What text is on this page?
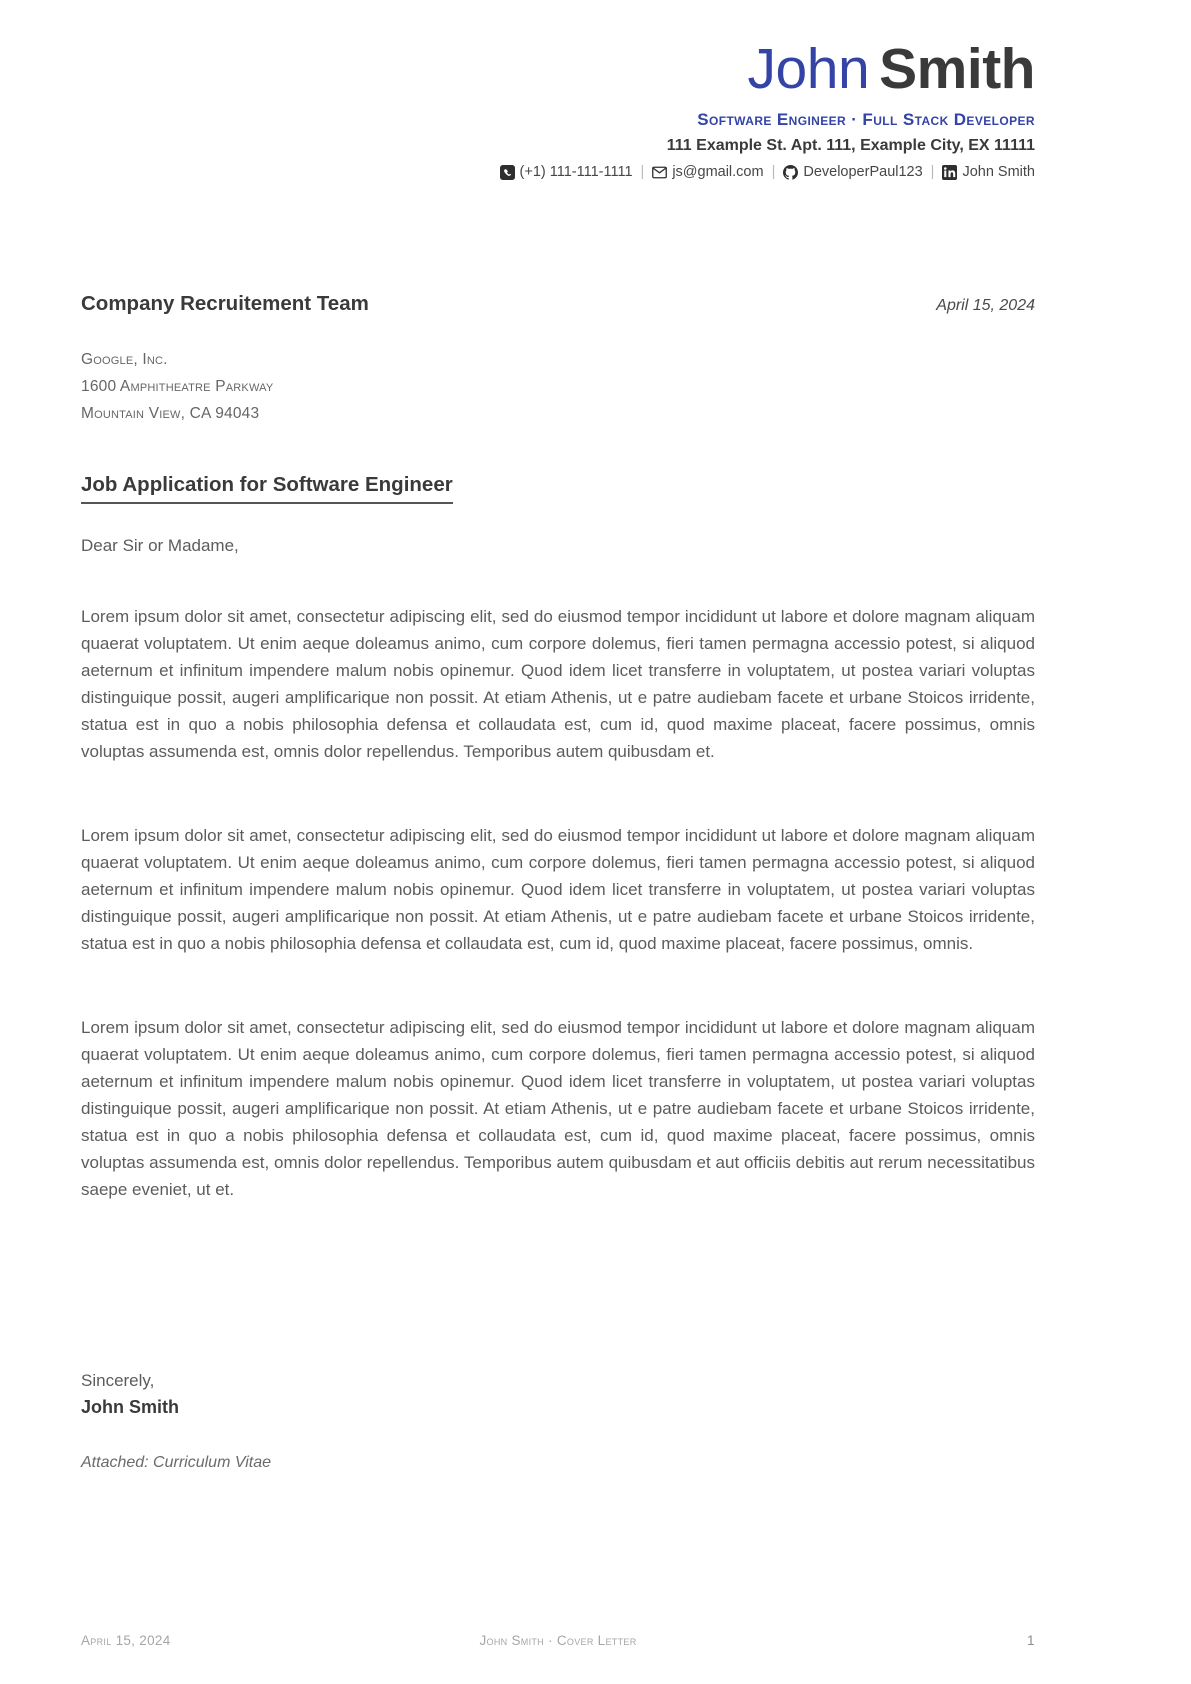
John Smith
Software Engineer · Full Stack Developer
111 Example St. Apt. 111, Example City, EX 11111
(+1) 111-111-1111 | js@gmail.com | DeveloperPaul123 | John Smith
Company Recruitement Team	April 15, 2024
Google, Inc.
1600 Amphitheatre Parkway
Mountain View, CA 94043
Job Application for Software Engineer

Dear Sir or Madame,

Lorem ipsum dolor sit amet, consectetur adipiscing elit, sed do eiusmod tempor incididunt ut labore et dolore magnam aliquam quaerat voluptatem. Ut enim aeque doleamus animo, cum corpore dolemus, fieri tamen permagna accessio potest, si aliquod aeternum et infinitum impendere malum nobis opinemur. Quod idem licet transferre in voluptatem, ut postea variari voluptas distinguique possit, augeri amplificarique non possit. At etiam Athenis, ut e patre audiebam facete et urbane Stoicos irridente, statua est in quo a nobis philosophia defensa et collaudata est, cum id, quod maxime placeat, facere possimus, omnis voluptas assumenda est, omnis dolor repellendus. Temporibus autem quibusdam et.

Lorem ipsum dolor sit amet, consectetur adipiscing elit, sed do eiusmod tempor incididunt ut labore et dolore magnam aliquam quaerat voluptatem. Ut enim aeque doleamus animo, cum corpore dolemus, fieri tamen permagna accessio potest, si aliquod aeternum et infinitum impendere malum nobis opinemur. Quod idem licet transferre in voluptatem, ut postea variari voluptas distinguique possit, augeri amplificarique non possit. At etiam Athenis, ut e patre audiebam facete et urbane Stoicos irridente, statua est in quo a nobis philosophia defensa et collaudata est, cum id, quod maxime placeat, facere possimus, omnis.

Lorem ipsum dolor sit amet, consectetur adipiscing elit, sed do eiusmod tempor incididunt ut labore et dolore magnam aliquam quaerat voluptatem. Ut enim aeque doleamus animo, cum corpore dolemus, fieri tamen permagna accessio potest, si aliquod aeternum et infinitum impendere malum nobis opinemur. Quod idem licet transferre in voluptatem, ut postea variari voluptas distinguique possit, augeri amplificarique non possit. At etiam Athenis, ut e patre audiebam facete et urbane Stoicos irridente, statua est in quo a nobis philosophia defensa et collaudata est, cum id, quod maxime placeat, facere possimus, omnis voluptas assumenda est, omnis dolor repellendus. Temporibus autem quibusdam et aut officiis debitis aut rerum necessitatibus saepe eveniet, ut et.

Sincerely,

John Smith

Attached: Curriculum Vitae

April 15, 2024	John Smith · Cover Letter	1
